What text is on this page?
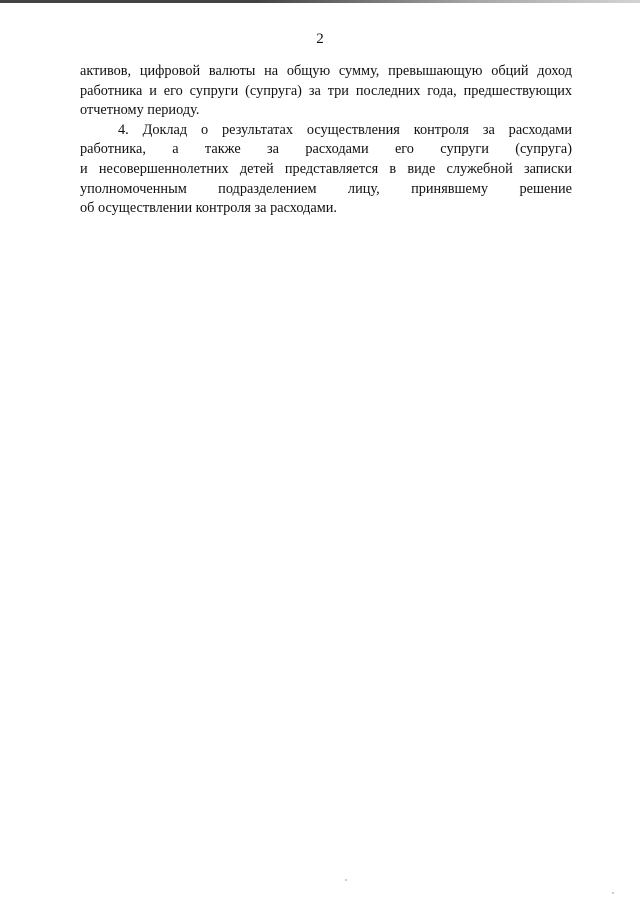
2

активов, цифровой валюты на общую сумму, превышающую обций доход
работника и его супруги (супруга) за три последних года, предшествующих
отчетному периоду.

4. Доклад о результатах осуществления контроля за расходами
работника, а также за расходами его супруги (супруга)
и несовершеннолетних детей представляется в виде служебной записки
уполномоченным подразделением лицу, принявшему решение
об осуществлении контроля за расходами.
